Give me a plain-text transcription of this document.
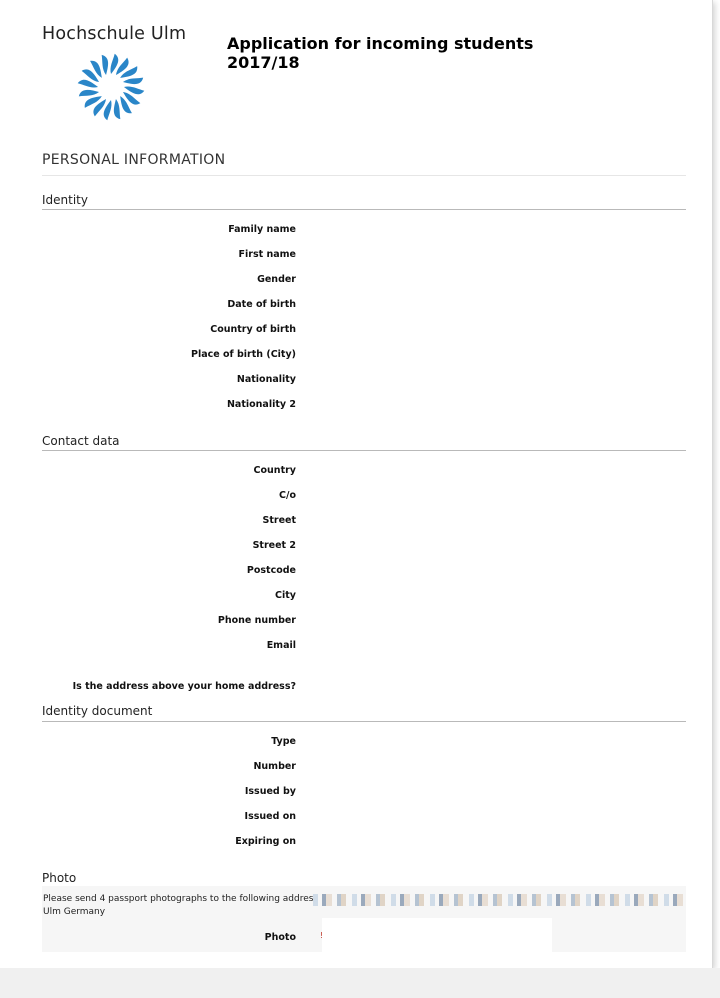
Hochschule Ulm	Application for incoming students
2017/18
PERSONAL INFORMATION
Identity
Family name
First name
Gender
Date of birth
Country of birth
Place of birth (City)
Nationality
Nationality 2
Contact data
Country
C/o
Street
Street 2
Postcode
City
Phone number
Email
Is the address above your home address?
Identity document
Type
Number
Issued by
Issued on
Expiring on
Photo
Please send 4 passport photographs to the following addres
Ulm Germany
Photo	!
